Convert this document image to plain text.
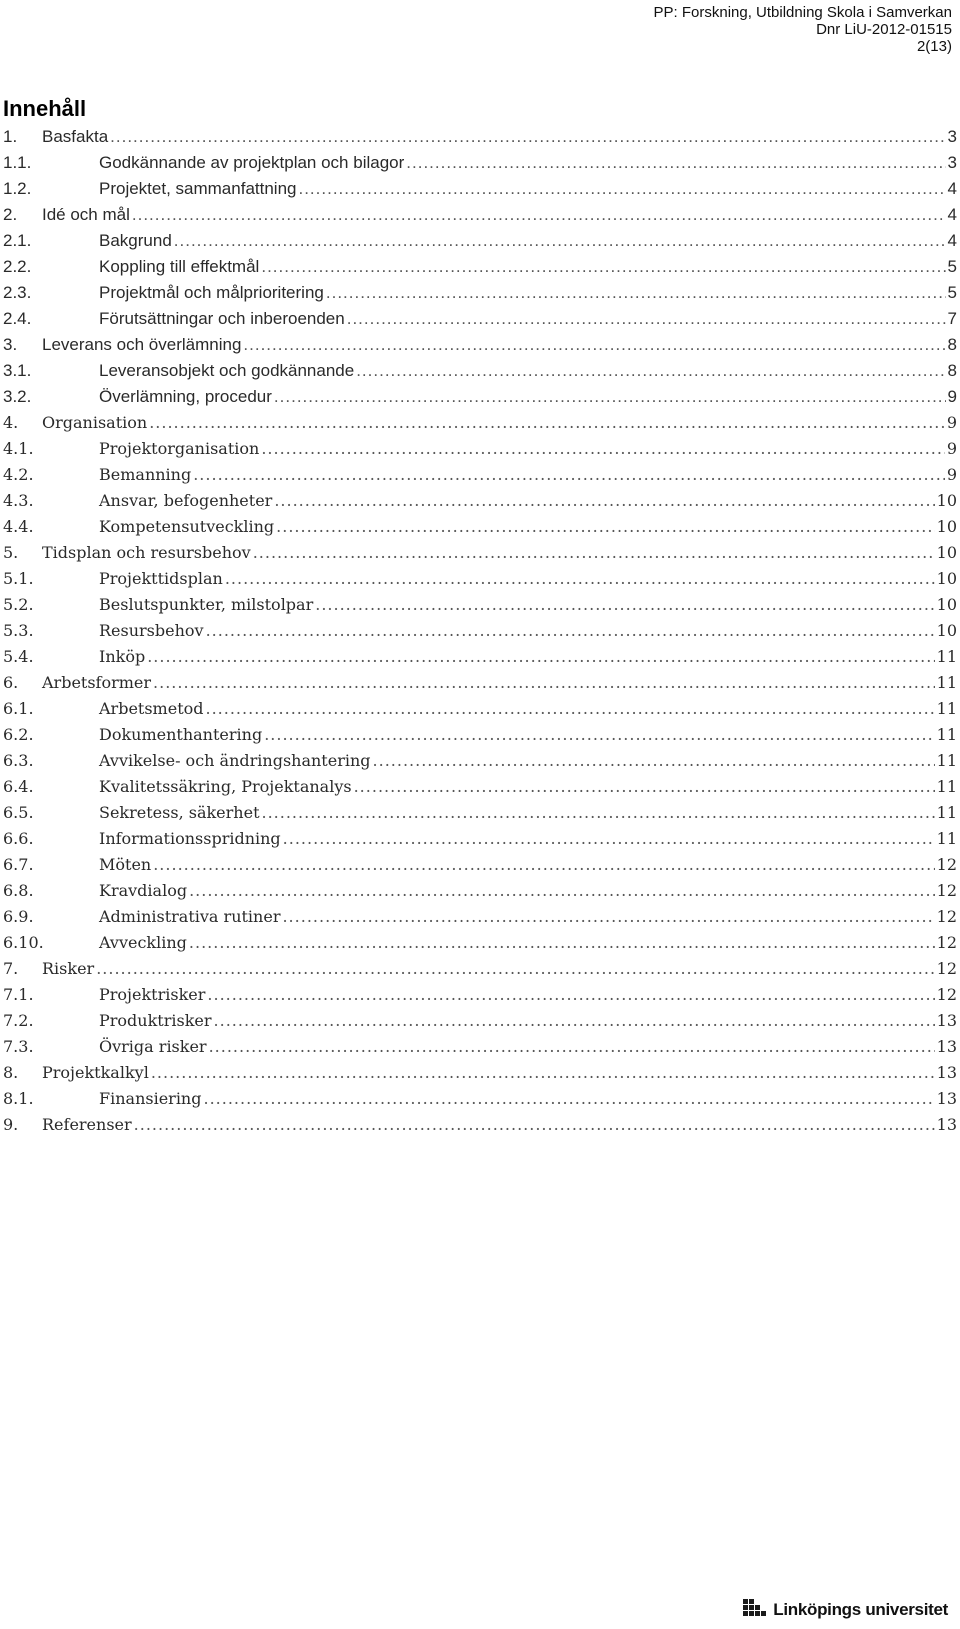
PP: Forskning, Utbildning Skola i Samverkan
Dnr LiU-2012-01515
2(13)
Innehåll
1.	Basfakta .....	3
1.1.	Godkännande av projektplan och bilagor .....	3
1.2.	Projektet, sammanfattning .....	4
2.	Idé och mål .....	4
2.1.	Bakgrund .....	4
2.2.	Koppling till effektmål .....	5
2.3.	Projektmål och målprioritering .....	5
2.4.	Förutsättningar och inberoenden .....	7
3.	Leverans och överlämning .....	8
3.1.	Leveransobjekt och godkännande .....	8
3.2.	Överlämning, procedur .....	9
4.	Organisation .....	9
4.1.	Projektorganisation .....	9
4.2.	Bemanning .....	9
4.3.	Ansvar, befogenheter .....	10
4.4.	Kompetensutveckling .....	10
5.	Tidsplan och resursbehov .....	10
5.1.	Projekttidsplan .....	10
5.2.	Beslutspunkter, milstolpar .....	10
5.3.	Resursbehov .....	10
5.4.	Inköp .....	11
6.	Arbetsformer .....	11
6.1.	Arbetsmetod .....	11
6.2.	Dokumenthantering .....	11
6.3.	Avvikelse- och ändringshantering .....	11
6.4.	Kvalitetssäkring, Projektanalys .....	11
6.5.	Sekretess, säkerhet .....	11
6.6.	Informationsspridning .....	11
6.7.	Möten .....	12
6.8.	Kravdialog .....	12
6.9.	Administrativa rutiner .....	12
6.10.	Avveckling .....	12
7.	Risker .....	12
7.1.	Projektrisker .....	12
7.2.	Produktrisker .....	13
7.3.	Övriga risker .....	13
8.	Projektkalkyl .....	13
8.1.	Finansiering .....	13
9.	Referenser .....	13
Linköpings universitet
